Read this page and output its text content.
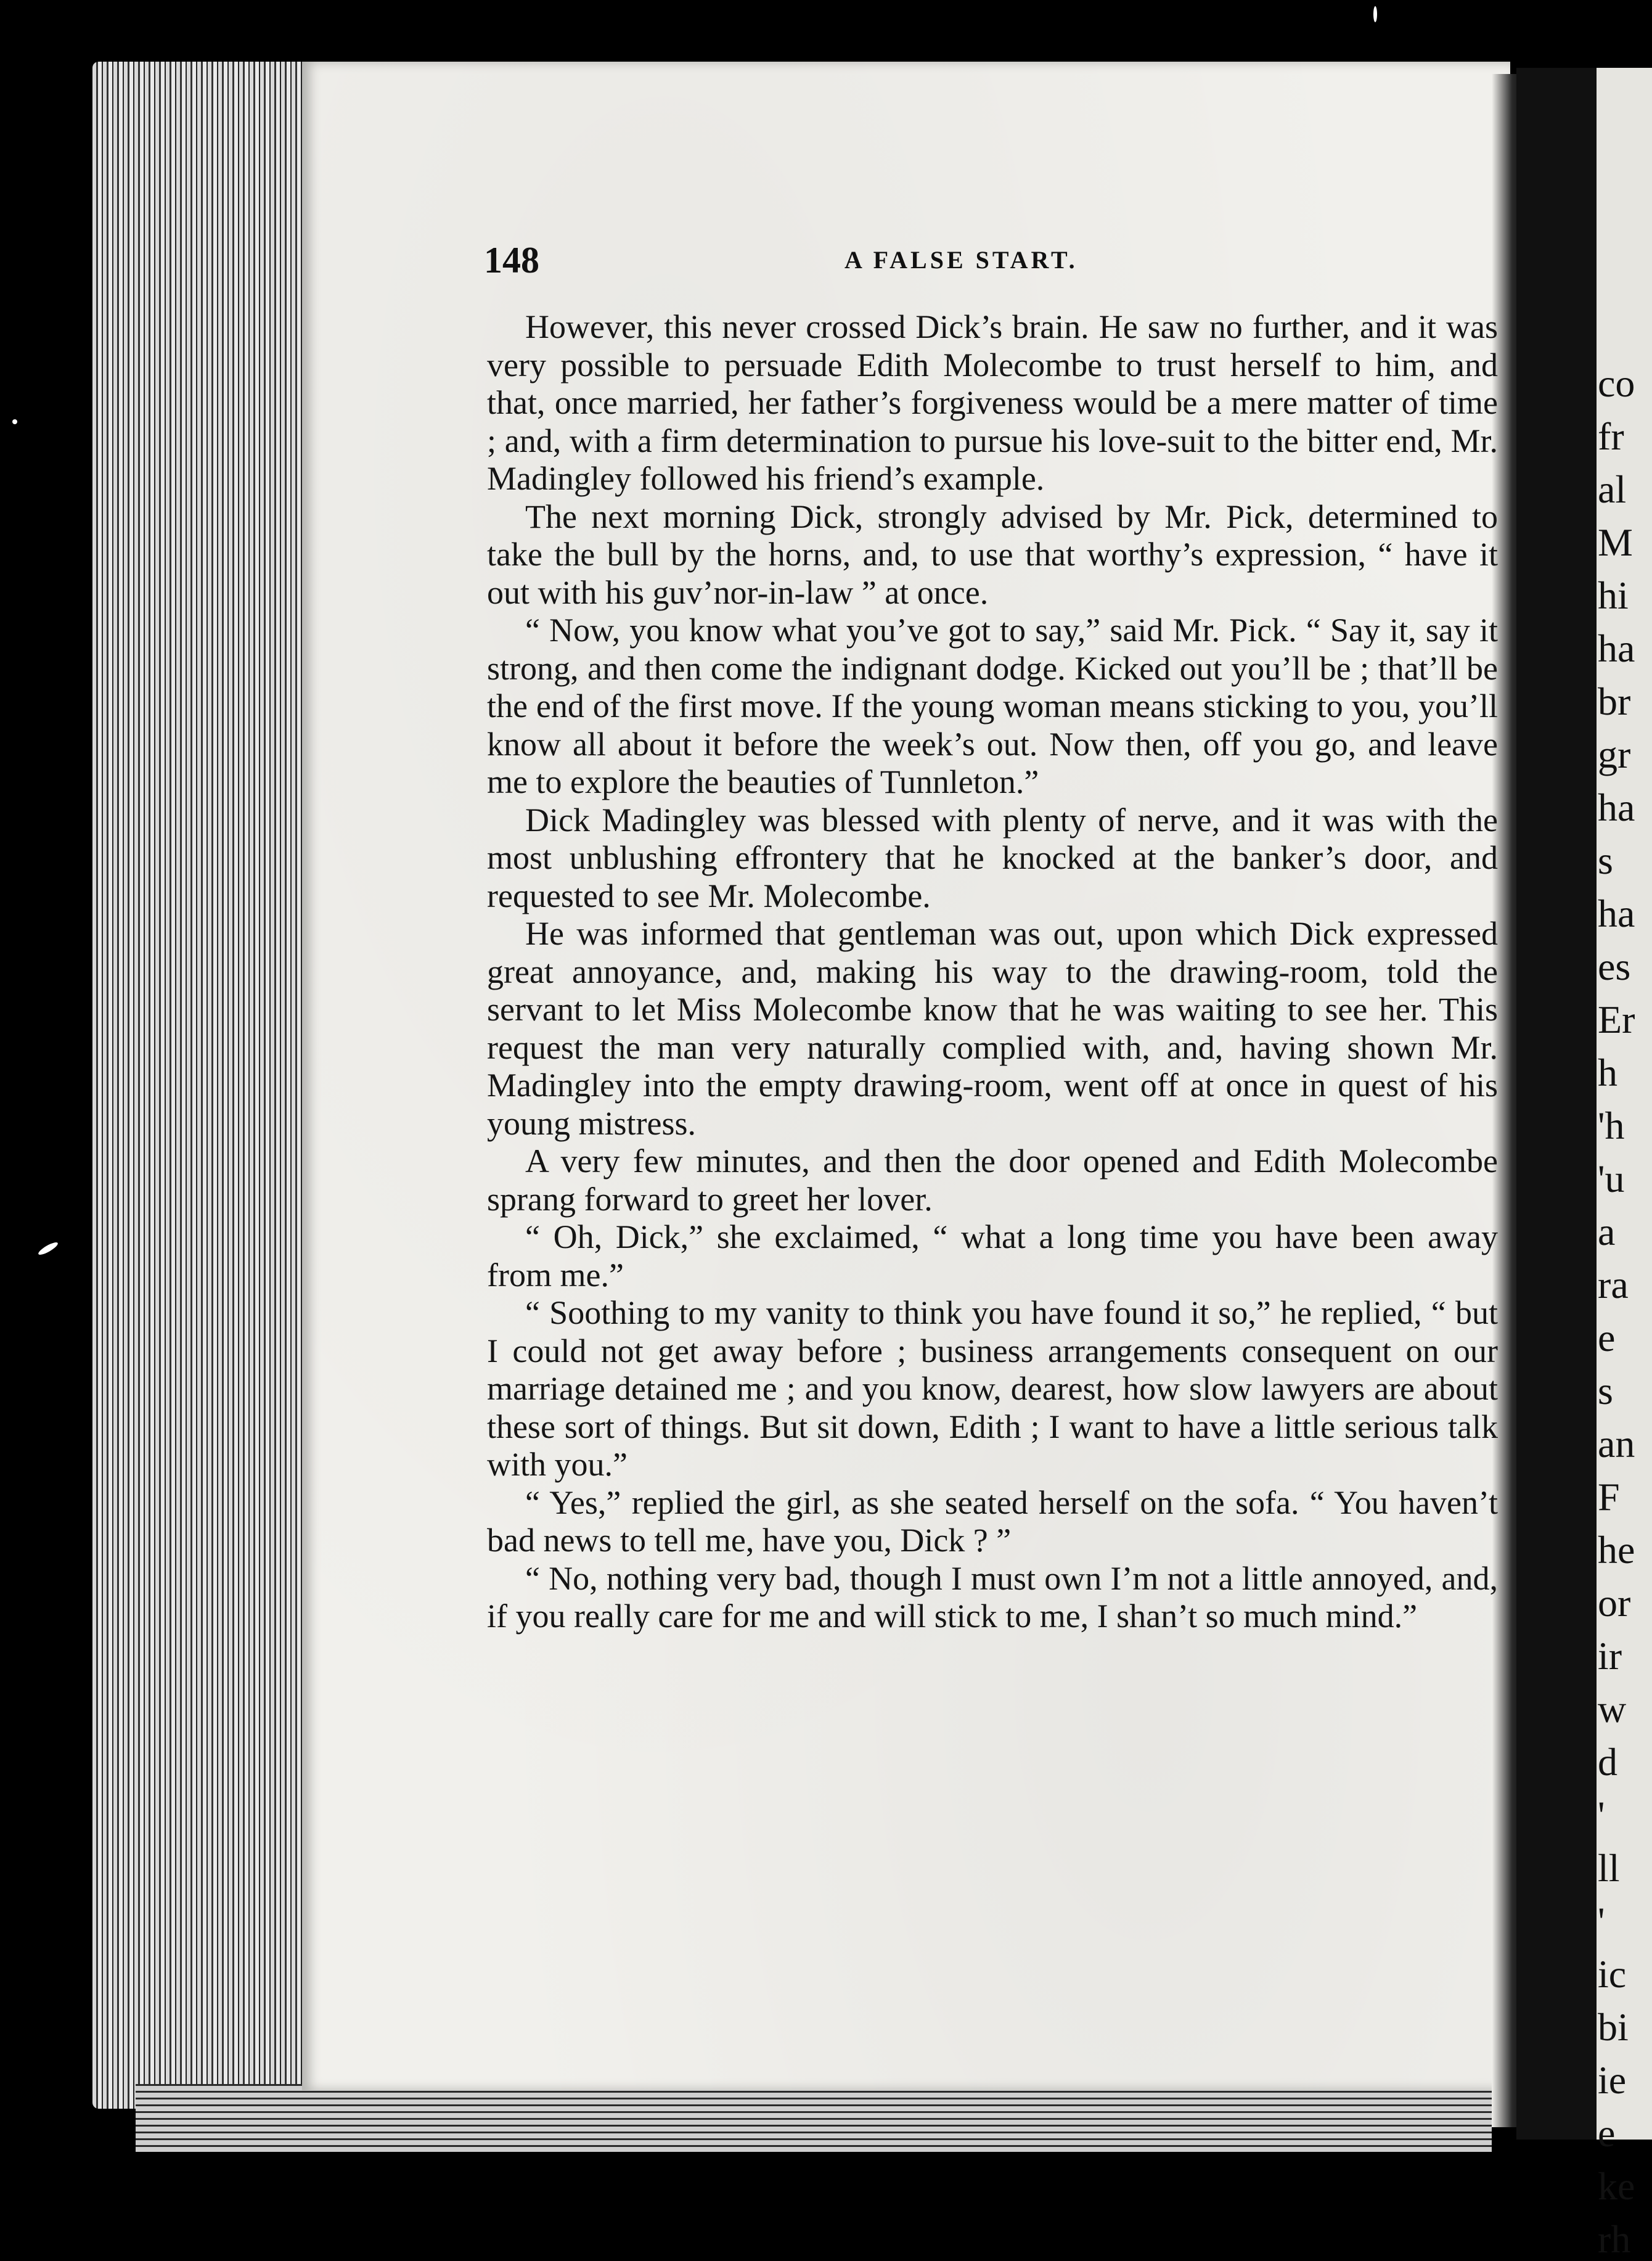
co
fr
al
M
hi
ha
br
gr
ha
s
ha
es
Er
h
'h
'u
a
ra
e
s
an
F
he
or
ir
w
d
'
ll
'
ic
bi
ie
e
ke
rh
148	A FALSE START.

However, this never crossed Dick’s brain. He saw no further, and it was very possible to persuade Edith Molecombe to trust herself to him, and that, once married, her father’s forgiveness would be a mere matter of time ; and, with a firm determination to pursue his love-suit to the bitter end, Mr. Madingley followed his friend’s example.

The next morning Dick, strongly advised by Mr. Pick, determined to take the bull by the horns, and, to use that worthy’s expression, “ have it out with his guv’nor-in-law ” at once.

“ Now, you know what you’ve got to say,” said Mr. Pick. “ Say it, say it strong, and then come the indignant dodge. Kicked out you’ll be ; that’ll be the end of the first move. If the young woman means sticking to you, you’ll know all about it before the week’s out. Now then, off you go, and leave me to explore the beauties of Tunnleton.”

Dick Madingley was blessed with plenty of nerve, and it was with the most unblushing effrontery that he knocked at the banker’s door, and requested to see Mr. Molecombe.

He was informed that gentleman was out, upon which Dick expressed great annoyance, and, making his way to the drawing-room, told the servant to let Miss Molecombe know that he was waiting to see her. This request the man very naturally complied with, and, having shown Mr. Madingley into the empty drawing-room, went off at once in quest of his young mistress.

A very few minutes, and then the door opened and Edith Molecombe sprang forward to greet her lover.

“ Oh, Dick,” she exclaimed, “ what a long time you have been away from me.”

“ Soothing to my vanity to think you have found it so,” he replied, “ but I could not get away before ; business arrangements consequent on our marriage detained me ; and you know, dearest, how slow lawyers are about these sort of things. But sit down, Edith ; I want to have a little serious talk with you.”

“ Yes,” replied the girl, as she seated herself on the sofa. “ You haven’t bad news to tell me, have you, Dick ? ”

“ No, nothing very bad, though I must own I’m not a little annoyed, and, if you really care for me and will stick to me, I shan’t so much mind.”
